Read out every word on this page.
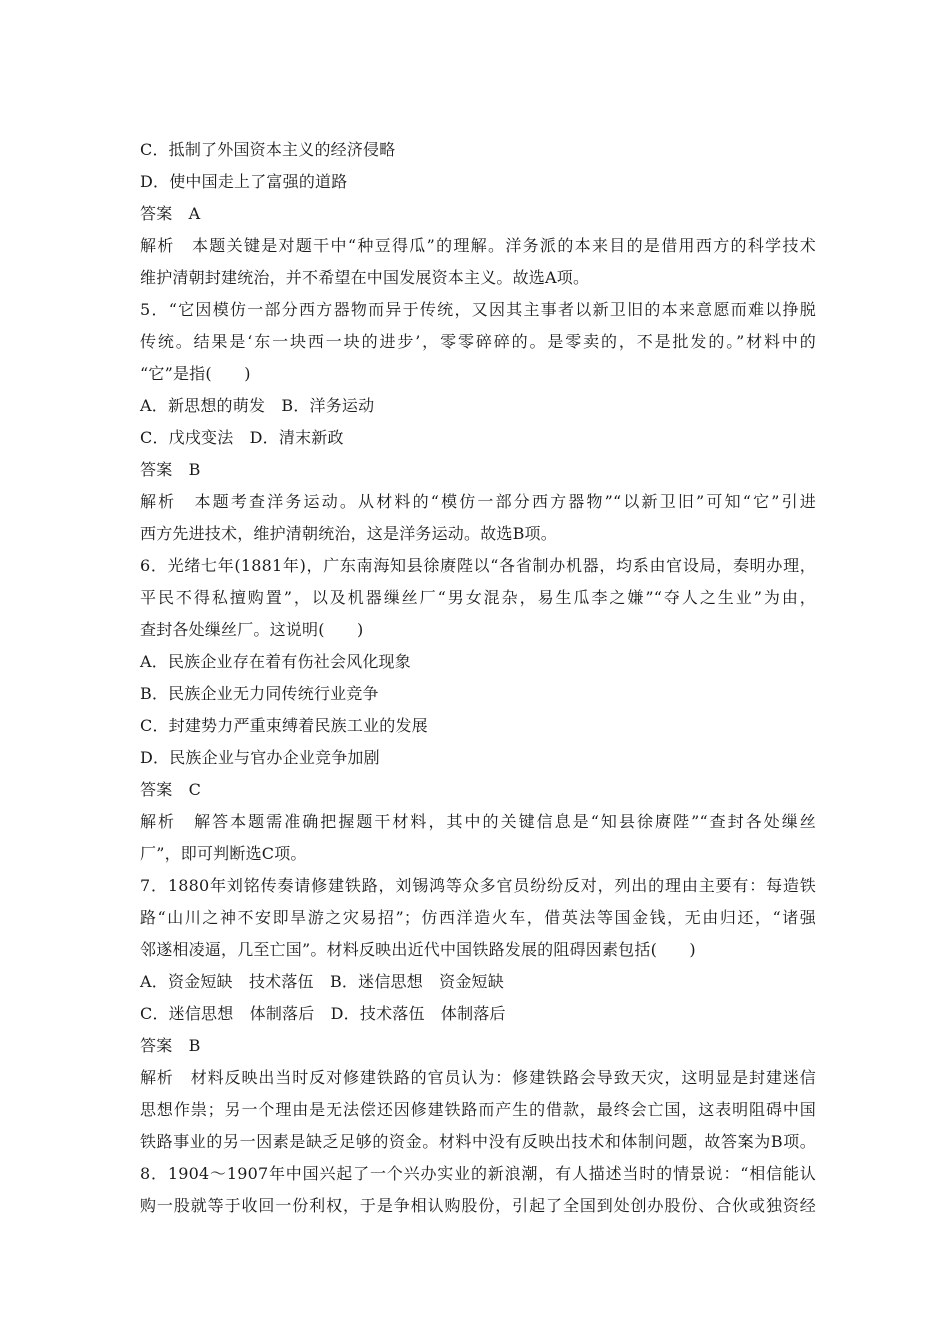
C．抵制了外国资本主义的经济侵略
D．使中国走上了富强的道路
答案　A
解析　本题关键是对题干中“种豆得瓜”的理解。洋务派的本来目的是借用西方的科学技术
维护清朝封建统治，并不希望在中国发展资本主义。故选A项。
5．“它因模仿一部分西方器物而异于传统，又因其主事者以新卫旧的本来意愿而难以挣脱
传统。结果是‘东一块西一块的进步’，零零碎碎的。是零卖的，不是批发的。”材料中的
“它”是指(　　)
A．新思想的萌发　B．洋务运动
C．戊戌变法　D．清末新政
答案　B
解析　本题考查洋务运动。从材料的“模仿一部分西方器物”“以新卫旧”可知“它”引进
西方先进技术，维护清朝统治，这是洋务运动。故选B项。
6．光绪七年(1881年)，广东南海知县徐赓陛以“各省制办机器，均系由官设局，奏明办理，
平民不得私擅购置”，以及机器缫丝厂“男女混杂，易生瓜李之嫌”“夺人之生业”为由，
查封各处缫丝厂。这说明(　　)
A．民族企业存在着有伤社会风化现象
B．民族企业无力同传统行业竞争
C．封建势力严重束缚着民族工业的发展
D．民族企业与官办企业竞争加剧
答案　C
解析　解答本题需准确把握题干材料，其中的关键信息是“知县徐赓陛”“查封各处缫丝
厂”，即可判断选C项。
7．1880年刘铭传奏请修建铁路，刘锡鸿等众多官员纷纷反对，列出的理由主要有：每造铁
路“山川之神不安即旱游之灾易招”；仿西洋造火车，借英法等国金钱，无由归还，“诸强
邻遂相凌逼，几至亡国”。材料反映出近代中国铁路发展的阻碍因素包括(　　)
A．资金短缺　技术落伍　B．迷信思想　资金短缺
C．迷信思想　体制落后　D．技术落伍　体制落后
答案　B
解析　材料反映出当时反对修建铁路的官员认为：修建铁路会导致天灾，这明显是封建迷信
思想作祟；另一个理由是无法偿还因修建铁路而产生的借款，最终会亡国，这表明阻碍中国
铁路事业的另一因素是缺乏足够的资金。材料中没有反映出技术和体制问题，故答案为B项。
8．1904～1907年中国兴起了一个兴办实业的新浪潮，有人描述当时的情景说：“相信能认
购一股就等于收回一份利权，于是争相认购股份，引起了全国到处创办股份、合伙或独资经
